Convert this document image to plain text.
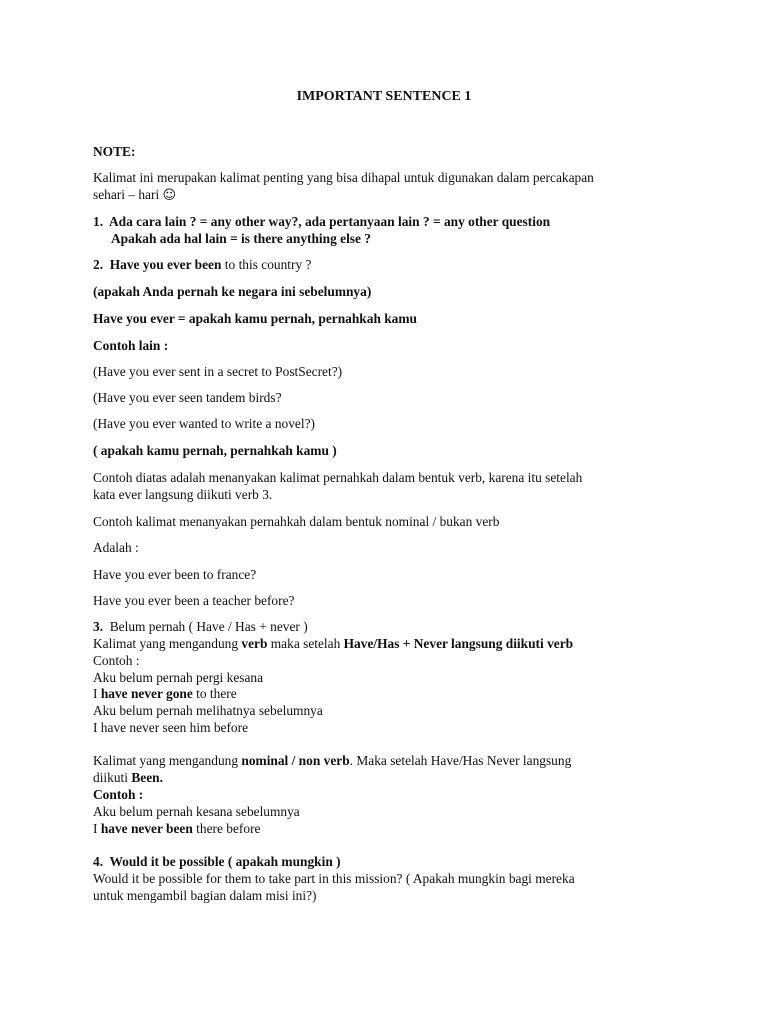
IMPORTANT SENTENCE 1
NOTE:
Kalimat ini merupakan kalimat penting yang bisa dihapal untuk digunakan dalam percakapan
sehari – hari ☺
1. Ada cara lain ? = any other way?, ada pertanyaan lain ? = any other question
Apakah ada hal lain = is there anything else ?
2. Have you ever been to this country ?
(apakah Anda pernah ke negara ini sebelumnya)
Have you ever = apakah kamu pernah, pernahkah kamu
Contoh lain :
(Have you ever sent in a secret to PostSecret?)
(Have you ever seen tandem birds?
(Have you ever wanted to write a novel?)
( apakah kamu pernah, pernahkah kamu )
Contoh diatas adalah menanyakan kalimat pernahkah dalam bentuk verb, karena itu setelah
kata ever langsung diikuti verb 3.
Contoh kalimat menanyakan pernahkah dalam bentuk nominal / bukan verb
Adalah :
Have you ever been to france?
Have you ever been a teacher before?
3. Belum pernah ( Have / Has + never )
Kalimat yang mengandung verb maka setelah Have/Has + Never langsung diikuti verb
Contoh :
Aku belum pernah pergi kesana
I have never gone to there
Aku belum pernah melihatnya sebelumnya
I have never seen him before
Kalimat yang mengandung nominal / non verb. Maka setelah Have/Has Never langsung
diikuti Been.
Contoh :
Aku belum pernah kesana sebelumnya
I have never been there before
4. Would it be possible ( apakah mungkin )
Would it be possible for them to take part in this mission? ( Apakah mungkin bagi mereka
untuk mengambil bagian dalam misi ini?)
